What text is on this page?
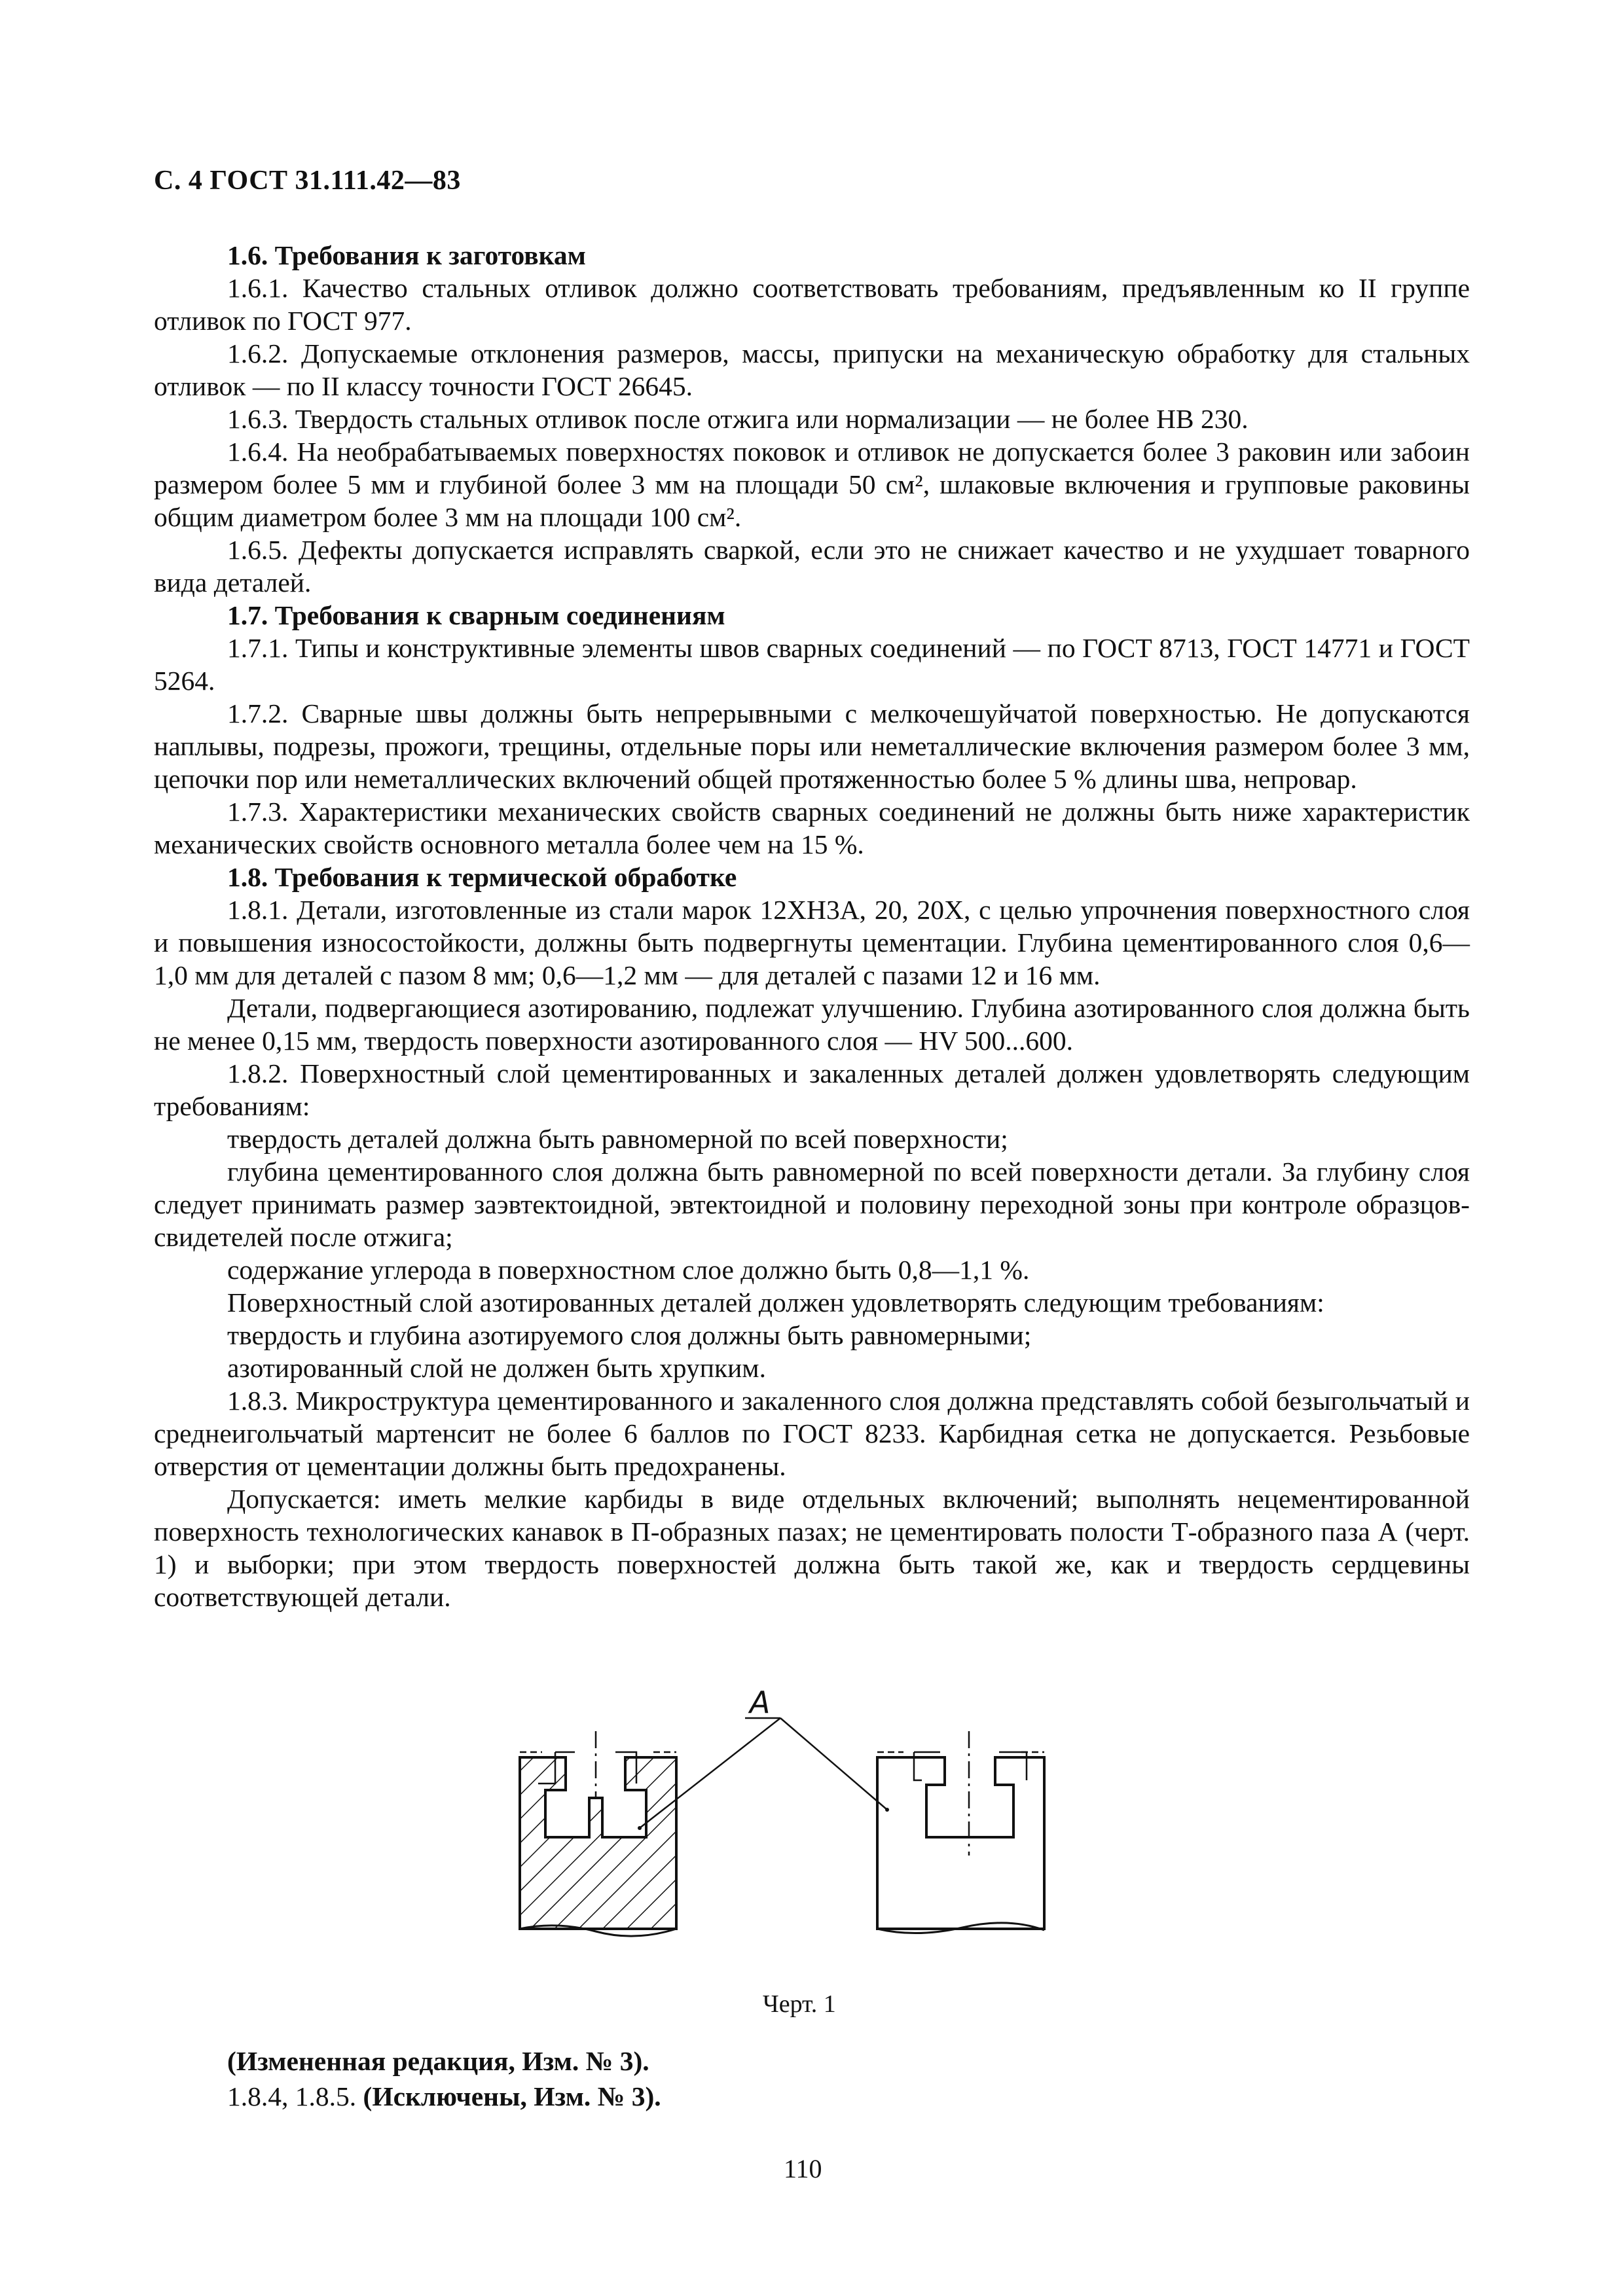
С. 4 ГОСТ 31.111.42—83

1.6. Требования к заготовкам

1.6.1. Качество стальных отливок должно соответствовать требованиям, предъявленным ко II группе отливок по ГОСТ 977.

1.6.2. Допускаемые отклонения размеров, массы, припуски на механическую обработку для стальных отливок — по II классу точности ГОСТ 26645.

1.6.3. Твердость стальных отливок после отжига или нормализации — не более НВ 230.

1.6.4. На необрабатываемых поверхностях поковок и отливок не допускается более 3 раковин или забоин размером более 5 мм и глубиной более 3 мм на площади 50 см², шлаковые включения и групповые раковины общим диаметром более 3 мм на площади 100 см².

1.6.5. Дефекты допускается исправлять сваркой, если это не снижает качество и не ухудшает товарного вида деталей.

1.7. Требования к сварным соединениям

1.7.1. Типы и конструктивные элементы швов сварных соединений — по ГОСТ 8713, ГОСТ 14771 и ГОСТ 5264.

1.7.2. Сварные швы должны быть непрерывными с мелкочешуйчатой поверхностью. Не допускаются наплывы, подрезы, прожоги, трещины, отдельные поры или неметаллические включения размером более 3 мм, цепочки пор или неметаллических включений общей протяженностью более 5 % длины шва, непровар.

1.7.3. Характеристики механических свойств сварных соединений не должны быть ниже характеристик механических свойств основного металла более чем на 15 %.

1.8. Требования к термической обработке

1.8.1. Детали, изготовленные из стали марок 12ХН3А, 20, 20Х, с целью упрочнения поверхностного слоя и повышения износостойкости, должны быть подвергнуты цементации. Глубина цементированного слоя 0,6—1,0 мм для деталей с пазом 8 мм; 0,6—1,2 мм — для деталей с пазами 12 и 16 мм.

Детали, подвергающиеся азотированию, подлежат улучшению. Глубина азотированного слоя должна быть не менее 0,15 мм, твердость поверхности азотированного слоя — HV 500...600.

1.8.2. Поверхностный слой цементированных и закаленных деталей должен удовлетворять следующим требованиям:

твердость деталей должна быть равномерной по всей поверхности;

глубина цементированного слоя должна быть равномерной по всей поверхности детали. За глубину слоя следует принимать размер заэвтектоидной, эвтектоидной и половину переходной зоны при контроле образцов-свидетелей после отжига;

содержание углерода в поверхностном слое должно быть 0,8—1,1 %.

Поверхностный слой азотированных деталей должен удовлетворять следующим требованиям:

твердость и глубина азотируемого слоя должны быть равномерными;

азотированный слой не должен быть хрупким.

1.8.3. Микроструктура цементированного и закаленного слоя должна представлять собой безыгольчатый и среднеигольчатый мартенсит не более 6 баллов по ГОСТ 8233. Карбидная сетка не допускается. Резьбовые отверстия от цементации должны быть предохранены.

Допускается: иметь мелкие карбиды в виде отдельных включений; выполнять нецементированной поверхность технологических канавок в П-образных пазах; не цементировать полости Т-образного паза А (черт. 1) и выборки; при этом твердость поверхностей должна быть такой же, как и твердость сердцевины соответствующей детали.

А
Черт. 1

(Измененная редакция, Изм. № 3).

1.8.4, 1.8.5. (Исключены, Изм. № 3).

110
